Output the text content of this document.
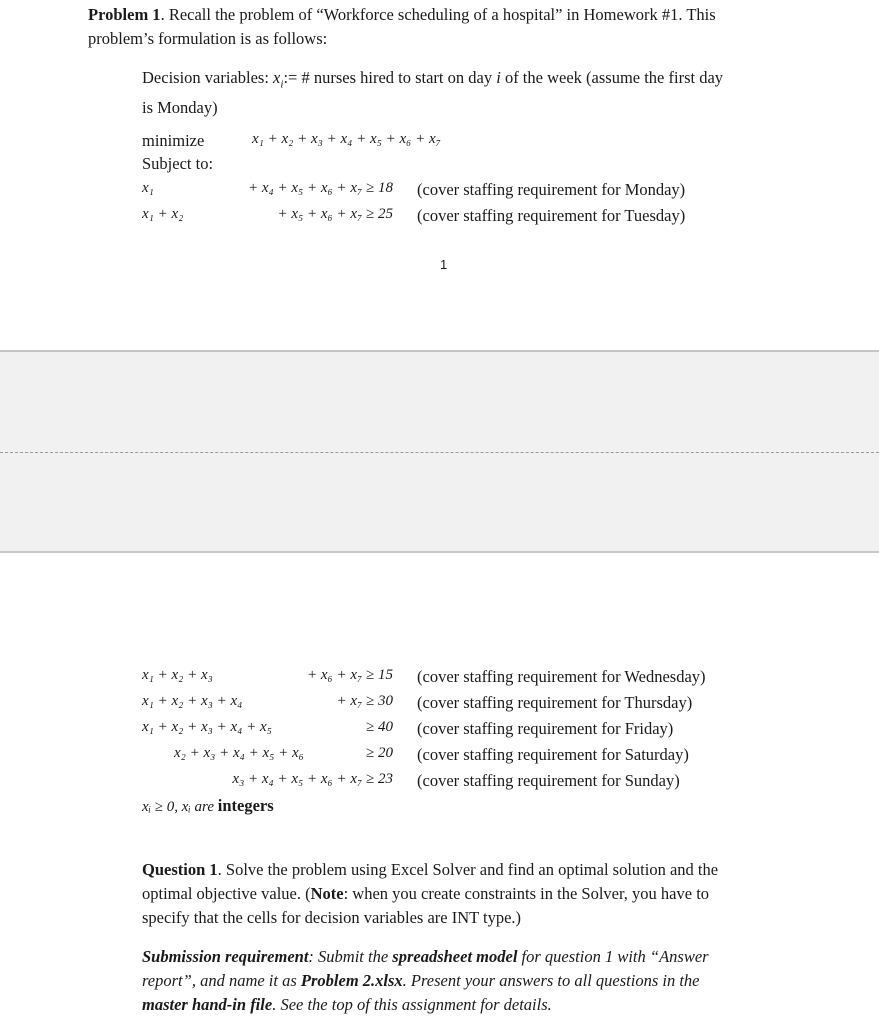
Problem 1. Recall the problem of “Workforce scheduling of a hospital” in Homework #1. This
problem’s formulation is as follows:
Decision variables: $x_i:=$ # nurses hired to start on day i of the week (assume the first day
is Monday)
minimize	x₁ + x₂ + x₃ + x₄ + x₅ + x₆ + x₇
Subject to:
x₁	+ x₄ + x₅ + x₆ + x₇ ≥ 18 (cover staffing requirement for Monday)
x₁ + x₂	+ x₅ + x₆ + x₇ ≥ 25 (cover staffing requirement for Tuesday)
1
x₁ + x₂ + x₃	+ x₆ + x₇ ≥ 15 (cover staffing requirement for Wednesday)
x₁ + x₂ + x₃ + x₄	+ x₇ ≥ 30 (cover staffing requirement for Thursday)
x₁ + x₂ + x₃ + x₄ + x₅	≥ 40 (cover staffing requirement for Friday)
x₂ + x₃ + x₄ + x₅ + x₆	≥ 20 (cover staffing requirement for Saturday)
x₃ + x₄ + x₅ + x₆ + x₇ ≥ 23 (cover staffing requirement for Sunday)
xᵢ ≥ 0, xᵢ are integers
Question 1. Solve the problem using Excel Solver and find an optimal solution and the
optimal objective value. (Note: when you create constraints in the Solver, you have to
specify that the cells for decision variables are INT type.)
Submission requirement: Submit the spreadsheet model for question 1 with “Answer
report”, and name it as Problem 2.xlsx. Present your answers to all questions in the
master hand-in file. See the top of this assignment for details.
